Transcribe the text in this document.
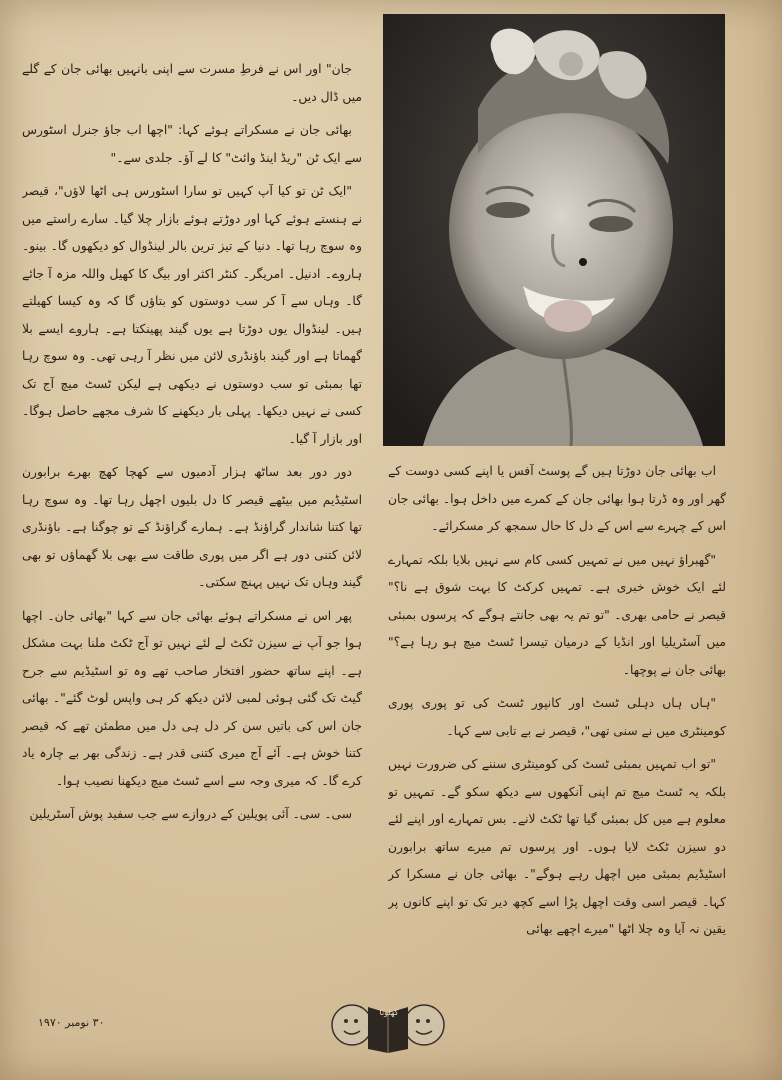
جان" اور اس نے فرطِ مسرت سے اپنی بانہیں بھائی جان کے گلے میں ڈال دیں۔

بھائی جان نے مسکراتے ہوئے کہا: "اچھا اب جاؤ جنرل اسٹورس سے ایک ٹن "ریڈ اینڈ وائٹ" کا لے آؤ۔ جلدی سے۔"

"ایک ٹن تو کیا آپ کہیں تو سارا اسٹورس ہی اٹھا لاؤں"، قیصر نے ہنستے ہوئے کہا اور دوڑتے ہوئے بازار چلا گیا۔ سارے راستے میں وہ سوچ رہا تھا۔ دنیا کے تیز ترین بالر لینڈوال کو دیکھوں گا۔ بینو۔ ہاروے۔ ادنیل۔ امریگر۔ کنٹر اکثر اور بیگ کا کھیل واللہ مزہ آ جائے گا۔ وہاں سے آ کر سب دوستوں کو بتاؤں گا کہ وہ کیسا کھیلتے ہیں۔ لینڈوال یوں دوڑتا ہے یوں گیند پھینکتا ہے۔ ہاروے ایسے بلا گھماتا ہے اور گیند باؤنڈری لائن میں نظر آ رہی تھی۔ وہ سوچ رہا تھا بمبئی تو سب دوستوں نے دیکھی ہے لیکن ٹسٹ میچ آج تک کسی نے نہیں دیکھا۔ پہلی بار دیکھنے کا شرف مجھے حاصل ہوگا۔ اور بازار آ گیا۔

دور دور بعد ساٹھ ہزار آدمیوں سے کھچا کھچ بھرے برابورن اسٹیڈیم میں بیٹھے قیصر کا دل بلیوں اچھل رہا تھا۔ وہ سوچ رہا تھا کتنا شاندار گراؤنڈ ہے۔ ہمارے گراؤنڈ کے تو چوگنا ہے۔ باؤنڈری لائن کتنی دور ہے اگر میں پوری طاقت سے بھی بلا گھماؤں تو بھی گیند وہاں تک نہیں پہنچ سکتی۔

پھر اس نے مسکراتے ہوئے بھائی جان سے کہا "بھائی جان۔ اچھا ہوا جو آپ نے سیزن ٹکٹ لے لئے نہیں تو آج ٹکٹ ملنا بہت مشکل ہے۔ اپنے ساتھ حضور افتخار صاحب تھے وہ تو اسٹیڈیم سے جرح گیٹ تک گئی ہوئی لمبی لائن دیکھ کر ہی واپس لوٹ گئے"۔ بھائی جان اس کی باتیں سن کر دل ہی دل میں مطمئن تھے کہ قیصر کتنا خوش ہے۔ آئے آج میری کتنی قدر ہے۔ زندگی بھر بے چارہ یاد کرے گا۔ کہ میری وجہ سے اسے ٹسٹ میچ دیکھنا نصیب ہوا۔

سی۔ سی۔ آئی پویلین کے دروازے سے جب سفید پوش آسٹریلین

اب بھائی جان دوڑتا ہیں گے پوسٹ آفس یا اپنے کسی دوست کے گھر اور وہ ڈرتا ہوا بھائی جان کے کمرے میں داخل ہوا۔ بھائی جان اس کے چہرے سے اس کے دل کا حال سمجھ کر مسکرائے۔

"گھبراؤ نہیں میں نے تمہیں کسی کام سے نہیں بلایا بلکہ تمہارے لئے ایک خوش خبری ہے۔ تمہیں کرکٹ کا بہت شوق ہے نا؟" قیصر نے حامی بھری۔ "تو تم یہ بھی جانتے ہوگے کہ پرسوں بمبئی میں آسٹریلیا اور انڈیا کے درمیان تیسرا ٹسٹ میچ ہو رہا ہے؟" بھائی جان نے پوچھا۔

"ہاں ہاں دہلی ٹسٹ اور کانپور ٹسٹ کی تو پوری پوری کومینٹری میں نے سنی تھی"، قیصر نے بے تابی سے کہا۔

"تو اب تمہیں بمبئی ٹسٹ کی کومینٹری سننے کی ضرورت نہیں بلکہ یہ ٹسٹ میچ تم اپنی آنکھوں سے دیکھ سکو گے۔ تمہیں تو معلوم ہے میں کل بمبئی گیا تھا ٹکٹ لانے۔ بس تمہارے اور اپنے لئے دو سیزن ٹکٹ لایا ہوں۔ اور پرسوں تم میرے ساتھ برابورن اسٹیڈیم بمبئی میں اچھل رہے ہوگے"۔ بھائی جان نے مسکرا کر کہا۔ قیصر اسی وقت اچھل پڑا اسے کچھ دیر تک تو اپنے کانوں پر یقین نہ آیا وہ چلا اٹھا "میرے اچھے بھائی

کھلونا
۳۰ نومبر ۱۹۷۰
